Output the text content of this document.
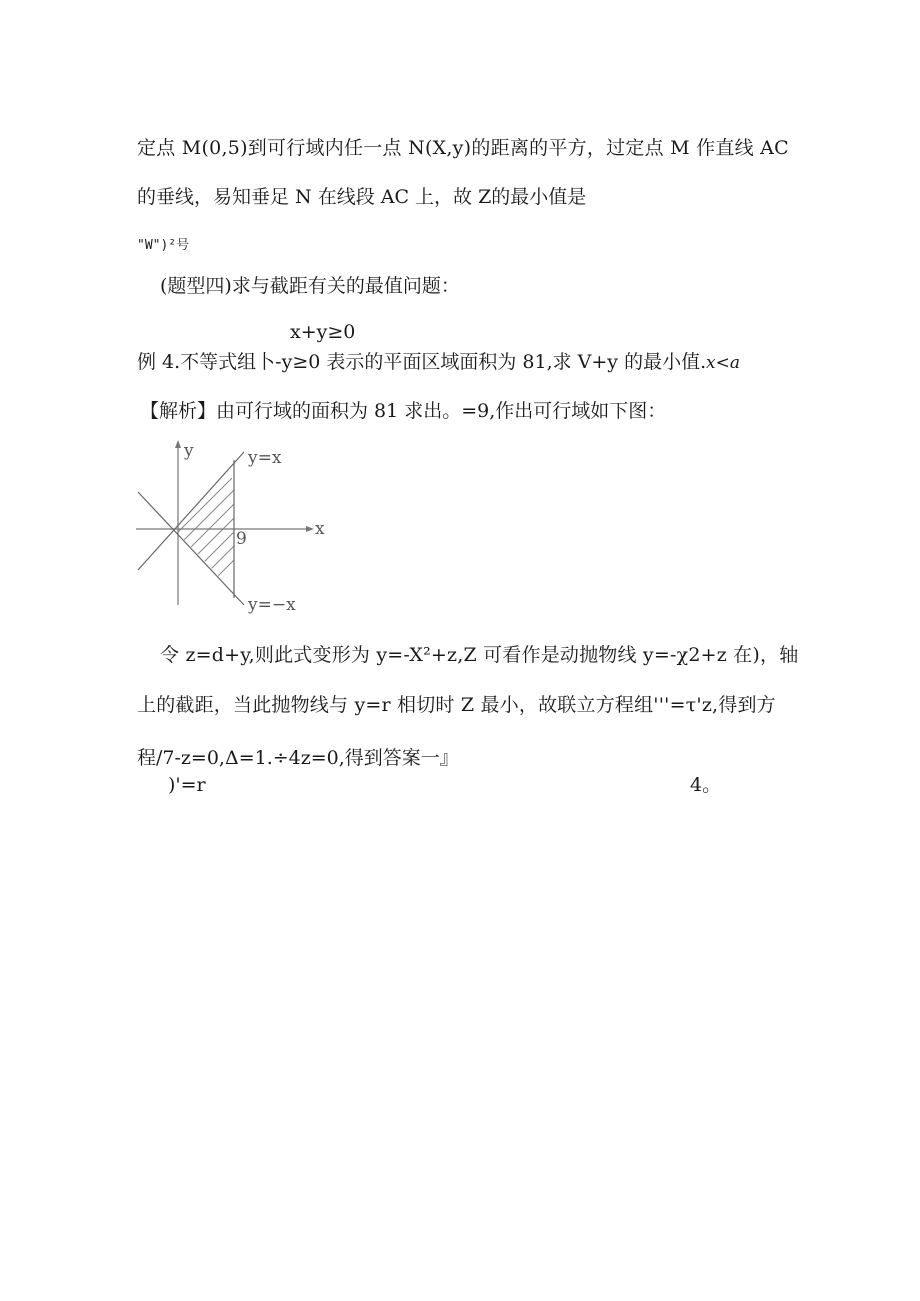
定点 M(0,5)到可行域内任一点 N(X,y)的距离的平方，过定点 M 作直线 AC
的垂线，易知垂足 N 在线段 AC 上，故 Z的最小值是
"W")²号
(题型四)求与截距有关的最值问题：
x+y≥0
例 4.不等式组卜-y≥0 表示的平面区域面积为 81,求 V+y 的最小值. x<a
【解析】由可行域的面积为 81 求出。=9,作出可行域如下图：
y
x
y=x
9
y=−x
令 z=d+y,则此式变形为 y=-X²+z,Z 可看作是动抛物线 y=-χ2+z 在)，轴
上的截距，当此抛物线与 y=r 相切时 Z 最小，故联立方程组'''=τ'z,得到方
程∕7-z=0,Δ=1.÷4z=0,得到答案一』
)'=r	4。
